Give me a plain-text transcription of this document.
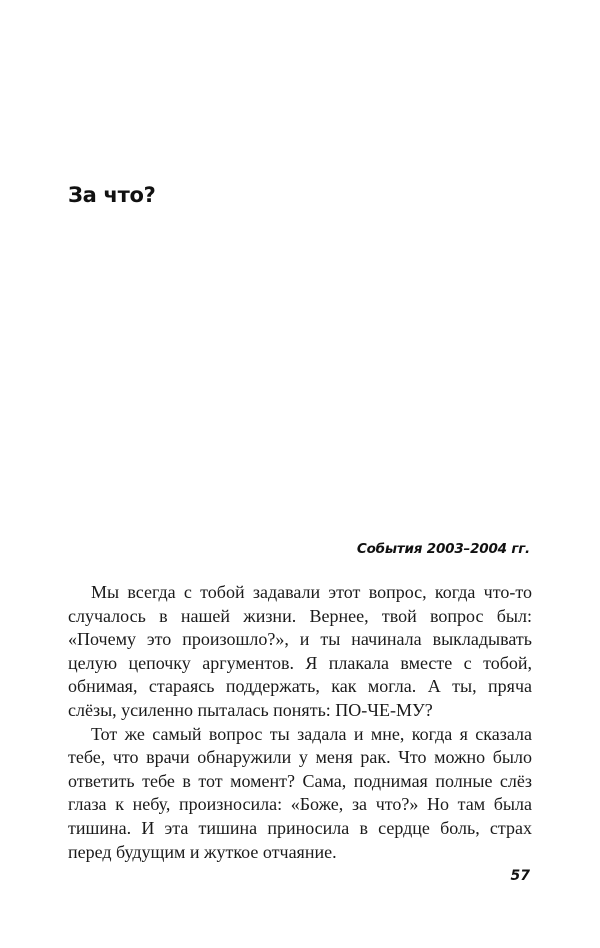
За что?

События 2003–2004 гг.

Мы всегда с тобой задавали этот вопрос, когда что-то случалось в нашей жизни. Вернее, твой вопрос был: «Почему это произошло?», и ты начинала выкладывать целую цепочку аргументов. Я плакала вместе с тобой, обнимая, стараясь поддержать, как могла. А ты, пряча слёзы, усиленно пыталась понять: ПО-ЧЕ-МУ?

Тот же самый вопрос ты задала и мне, когда я сказала тебе, что врачи обнаружили у меня рак. Что можно было ответить тебе в тот момент? Сама, поднимая полные слёз глаза к небу, произносила: «Боже, за что?» Но там была тишина. И эта тишина приносила в сердце боль, страх перед будущим и жуткое отчаяние.

57
